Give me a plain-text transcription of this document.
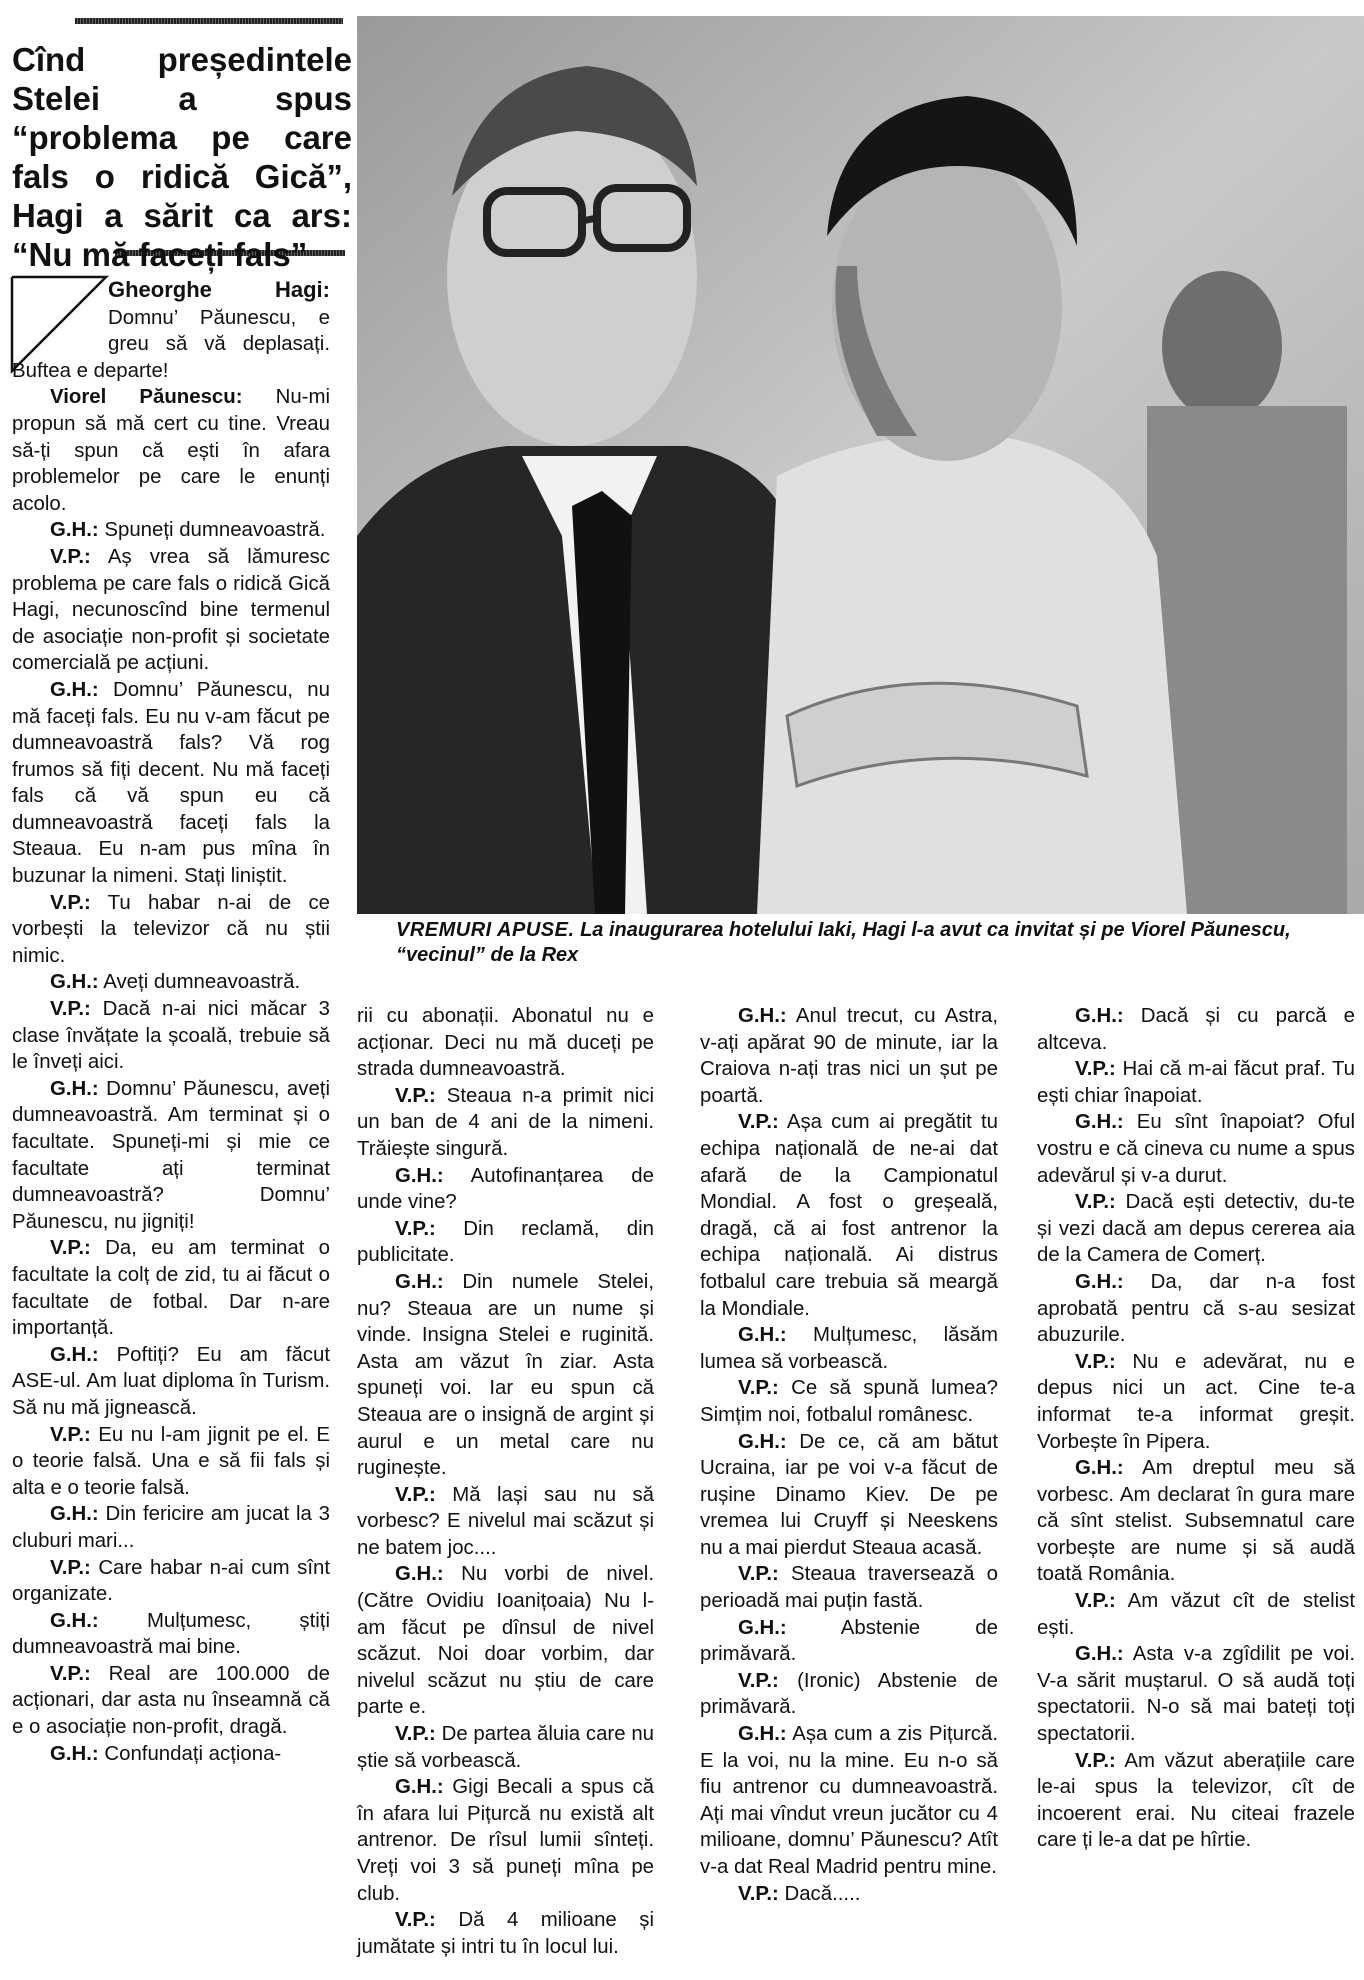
Cînd președintele Stelei a spus “problema pe care fals o ridică Gică”, Hagi a sărit ca ars: “Nu mă faceți fals”
VREMURI APUSE. La inaugurarea hotelului Iaki, Hagi l-a avut ca invitat și pe Viorel Păunescu, “vecinul” de la Rex

Gheorghe Hagi: Domnu’ Păunescu, e greu să vă deplasați. Buftea e departe!

Viorel Păunescu: Nu-mi propun să mă cert cu tine. Vreau să-ți spun că ești în afara problemelor pe care le enunți acolo.

G.H.: Spuneți dumneavoastră.

V.P.: Aș vrea să lămuresc problema pe care fals o ridică Gică Hagi, necunoscînd bine termenul de asociație non-profit și societate comercială pe acțiuni.

G.H.: Domnu’ Păunescu, nu mă faceți fals. Eu nu v-am făcut pe dumneavoastră fals? Vă rog frumos să fiți decent. Nu mă faceți fals că vă spun eu că dumneavoastră faceți fals la Steaua. Eu n-am pus mîna în buzunar la nimeni. Stați liniștit.

V.P.: Tu habar n-ai de ce vorbești la televizor că nu știi nimic.

G.H.: Aveți dumneavoastră.

V.P.: Dacă n-ai nici măcar 3 clase învățate la școală, trebuie să le înveți aici.

G.H.: Domnu’ Păunescu, aveți dumneavoastră. Am terminat și o facultate. Spuneți-mi și mie ce facultate ați terminat dumneavoastră? Domnu’ Păunescu, nu jigniți!

V.P.: Da, eu am terminat o facultate la colț de zid, tu ai făcut o facultate de fotbal. Dar n-are importanță.

G.H.: Poftiți? Eu am făcut ASE-ul. Am luat diploma în Turism. Să nu mă jignească.

V.P.: Eu nu l-am jignit pe el. E o teorie falsă. Una e să fii fals și alta e o teorie falsă.

G.H.: Din fericire am jucat la 3 cluburi mari...

V.P.: Care habar n-ai cum sînt organizate.

G.H.: Mulțumesc, știți dumneavoastră mai bine.

V.P.: Real are 100.000 de acționari, dar asta nu înseamnă că e o asociație non-profit, dragă.

G.H.: Confundați acționa-

rii cu abonații. Abonatul nu e acționar. Deci nu mă duceți pe strada dumneavoastră.

V.P.: Steaua n-a primit nici un ban de 4 ani de la nimeni. Trăiește singură.

G.H.: Autofinanțarea de unde vine?

V.P.: Din reclamă, din publicitate.

G.H.: Din numele Stelei, nu? Steaua are un nume și vinde. Insigna Stelei e ruginită. Asta am văzut în ziar. Asta spuneți voi. Iar eu spun că Steaua are o insignă de argint și aurul e un metal care nu ruginește.

V.P.: Mă lași sau nu să vorbesc? E nivelul mai scăzut și ne batem joc....

G.H.: Nu vorbi de nivel. (Către Ovidiu Ioanițoaia) Nu l-am făcut pe dînsul de nivel scăzut. Noi doar vorbim, dar nivelul scăzut nu știu de care parte e.

V.P.: De partea ăluia care nu știe să vorbească.

G.H.: Gigi Becali a spus că în afara lui Pițurcă nu există alt antrenor. De rîsul lumii sînteți. Vreți voi 3 să puneți mîna pe club.

V.P.: Dă 4 milioane și jumătate și intri tu în locul lui.

G.H.: Anul trecut, cu Astra, v-ați apărat 90 de minute, iar la Craiova n-ați tras nici un șut pe poartă.

V.P.: Așa cum ai pregătit tu echipa națională de ne-ai dat afară de la Campionatul Mondial. A fost o greșeală, dragă, că ai fost antrenor la echipa națională. Ai distrus fotbalul care trebuia să meargă la Mondiale.

G.H.: Mulțumesc, lăsăm lumea să vorbească.

V.P.: Ce să spună lumea? Simțim noi, fotbalul românesc.

G.H.: De ce, că am bătut Ucraina, iar pe voi v-a făcut de rușine Dinamo Kiev. De pe vremea lui Cruyff și Neeskens nu a mai pierdut Steaua acasă.

V.P.: Steaua traversează o perioadă mai puțin fastă.

G.H.: Abstenie de primăvară.

V.P.: (Ironic) Abstenie de primăvară.

G.H.: Așa cum a zis Pițurcă. E la voi, nu la mine. Eu n-o să fiu antrenor cu dumneavoastră. Ați mai vîndut vreun jucător cu 4 milioane, domnu’ Păunescu? Atît v-a dat Real Madrid pentru mine.

V.P.: Dacă.....

G.H.: Dacă și cu parcă e altceva.

V.P.: Hai că m-ai făcut praf. Tu ești chiar înapoiat.

G.H.: Eu sînt înapoiat? Oful vostru e că cineva cu nume a spus adevărul și v-a durut.

V.P.: Dacă ești detectiv, du-te și vezi dacă am depus cererea aia de la Camera de Comerț.

G.H.: Da, dar n-a fost aprobată pentru că s-au sesizat abuzurile.

V.P.: Nu e adevărat, nu e depus nici un act. Cine te-a informat te-a informat greșit. Vorbește în Pipera.

G.H.: Am dreptul meu să vorbesc. Am declarat în gura mare că sînt stelist. Subsemnatul care vorbește are nume și să audă toată România.

V.P.: Am văzut cît de stelist ești.

G.H.: Asta v-a zgîdilit pe voi. V-a sărit muștarul. O să audă toți spectatorii. N-o să mai bateți toți spectatorii.

V.P.: Am văzut aberațiile care le-ai spus la televizor, cît de incoerent erai. Nu citeai frazele care ți le-a dat pe hîrtie.
